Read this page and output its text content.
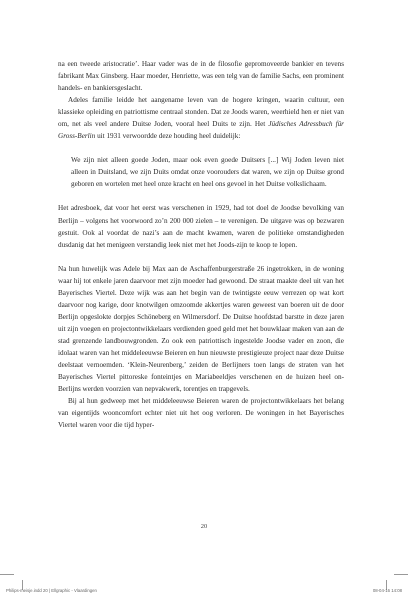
na een tweede aristocratie’. Haar vader was de in de filosofie gepromoveerde bankier en tevens fabrikant Max Ginsberg. Haar moeder, Henriette, was een telg van de familie Sachs, een prominent handels- en bankiersgeslacht.

Adeles familie leidde het aangename leven van de hogere kringen, waarin cultuur, een klassieke opleiding en patriottisme centraal stonden. Dat ze Joods waren, weerhield hen er niet van om, net als veel andere Duitse Joden, vooral heel Duits te zijn. Het Jüdisches Adressbuch für Gross-Berlin uit 1931 verwoordde deze houding heel duidelijk:

We zijn niet alleen goede Joden, maar ook even goede Duitsers [...] Wij Joden leven niet alleen in Duitsland, we zijn Duits omdat onze voorouders dat waren, we zijn op Duitse grond geboren en wortelen met heel onze kracht en heel ons gevoel in het Duitse volkslichaam.

Het adresboek, dat voor het eerst was verschenen in 1929, had tot doel de Joodse bevolking van Berlijn – volgens het voorwoord zo’n 200 000 zielen – te verenigen. De uitgave was op bezwaren gestuit. Ook al voordat de nazi’s aan de macht kwamen, waren de politieke omstandigheden dusdanig dat het menigeen verstandig leek niet met het Joods-zijn te koop te lopen.

Na hun huwelijk was Adele bij Max aan de Aschaffenburgerstraße 26 ingetrokken, in de woning waar hij tot enkele jaren daarvoor met zijn moeder had gewoond. De straat maakte deel uit van het Bayerisches Viertel. Deze wijk was aan het begin van de twintigste eeuw verrezen op wat kort daarvoor nog karige, door knotwilgen omzoomde akkertjes waren geweest van boeren uit de door Berlijn opgeslokte dorpjes Schöneberg en Wilmersdorf. De Duitse hoofdstad barstte in deze jaren uit zijn voegen en projectontwikkelaars verdienden goed geld met het bouwklaar maken van aan de stad grenzende landbouwgronden. Zo ook een patriottisch ingestelde Joodse vader en zoon, die idolaat waren van het middeleeuwse Beieren en hun nieuwste prestigieuze project naar deze Duitse deelstaat vernoemden. ‘Klein-Neurenberg,’ zeiden de Berlijners toen langs de straten van het Bayerisches Viertel pittoreske fonteintjes en Mariabeeldjes verschenen en de huizen heel on-Berlijns werden voorzien van nepvakwerk, torentjes en trapgevels.

Bij al hun gedweep met het middeleeuwse Beieren waren de projectontwikkelaars het belang van eigentijds wooncomfort echter niet uit het oog verloren. De woningen in het Bayerisches Viertel waren voor die tijd hyper-

20
Philips-meisje.indd 20 | Ellgraphic - Vlaardingen	08-04-16 14:08
